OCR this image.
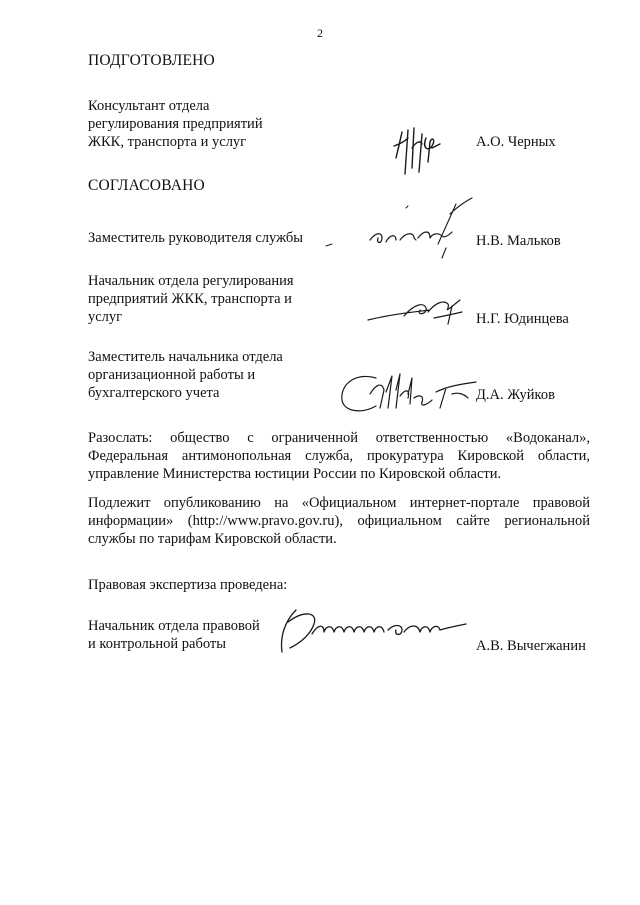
2
ПОДГОТОВЛЕНО
Консультант отдела
регулирования предприятий
ЖКК, транспорта и услуг	А.О. Черных
СОГЛАСОВАНО
Заместитель руководителя службы	Н.В. Мальков
Начальник отдела регулирования
предприятий ЖКК, транспорта и
услуг	Н.Г. Юдинцева
Заместитель начальника отдела
организационной работы и
бухгалтерского учета	Д.А. Жуйков
Разослать: общество с ограниченной ответственностью «Водоканал», Федеральная антимонопольная служба, прокуратура Кировской области, управление Министерства юстиции России по Кировской области.
Подлежит опубликованию на «Официальном интернет-портале правовой информации» (http://www.pravo.gov.ru), официальном сайте региональной службы по тарифам Кировской области.
Правовая экспертиза проведена:
Начальник отдела правовой
и контрольной работы	А.В. Вычегжанин
